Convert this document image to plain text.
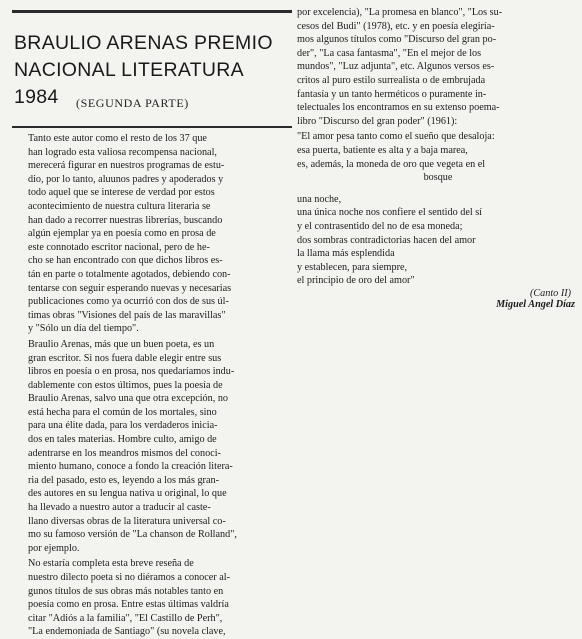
BRAULIO ARENAS PREMIO NACIONAL LITERATURA 1984	(SEGUNDA PARTE)

Tanto este autor como el resto de los 37 que
han logrado esta valiosa recompensa nacional,
merecerá figurar en nuestros programas de estu-
dio, por lo tanto, aluunos padres y apoderados y
todo aquel que se interese de verdad por estos
acontecimiento de nuestra cultura literaria se
han dado a recorrer nuestras librerías, buscando
algún ejemplar ya en poesía como en prosa de
este connotado escritor nacional, pero de he-
cho se han encontrado con que dichos libros es-
tán en parte o totalmente agotados, debiendo con-
tentarse con seguir esperando nuevas y necesarias
publicaciones como ya ocurrió con dos de sus úl-
timas obras "Visiones del país de las maravillas"
y "Sólo un día del tiempo".

Braulio Arenas, más que un buen poeta, es un
gran escritor. Si nos fuera dable elegir entre sus
libros en poesía o en prosa, nos quedaríamos indu-
dablemente con estos últimos, pues la poesía de
Braulio Arenas, salvo una que otra excepción, no
está hecha para el común de los mortales, sino
para una élite dada, para los verdaderos inicia-
dos en tales materias. Hombre culto, amigo de
adentrarse en los meandros mismos del conoci-
miento humano, conoce a fondo la creación litera-
ria del pasado, esto es, leyendo a los más gran-
des autores en su lengua nativa u original, lo que
ha llevado a nuestro autor a traducir al caste-
llano diversas obras de la literatura universal co-
mo su famoso versión de "La chanson de Rolland",
por ejemplo.

No estaría completa esta breve reseña de
nuestro dilecto poeta si no diéramos a conocer al-
gunos títulos de sus obras más notables tanto en
poesía como en prosa. Entre estas últimas valdría
citar "Adiós a la familia", "El Castillo de Perh",
"La endemoniada de Santiago" (su novela clave,

por excelencia), "La promesa en blanco", "Los su-
cesos del Budi" (1978), etc. y en poesía elegiría-
mos algunos títulos como "Discurso del gran po-
der", "La casa fantasma", "En el mejor de los
mundos", "Luz adjunta", etc. Algunos versos es-
critos al puro estilo surrealista o de embrujada
fantasía y un tanto herméticos o puramente in-
telectuales los encontramos en su extenso poema-
libro "Discurso del gran poder" (1961):

"El amor pesa tanto como el sueño que desaloja:
esa puerta, batiente es alta y a baja marea,
es, además, la moneda de oro que vegeta en el
bosque
una noche,
una única noche nos confiere el sentido del sí
y el contrasentido del no de esa moneda;
dos sombras contradictorias hacen del amor
la llama más esplendida
y establecen, para siempre,
el principio de oro del amor"

(Canto II)

Miguel Angel Díaz
